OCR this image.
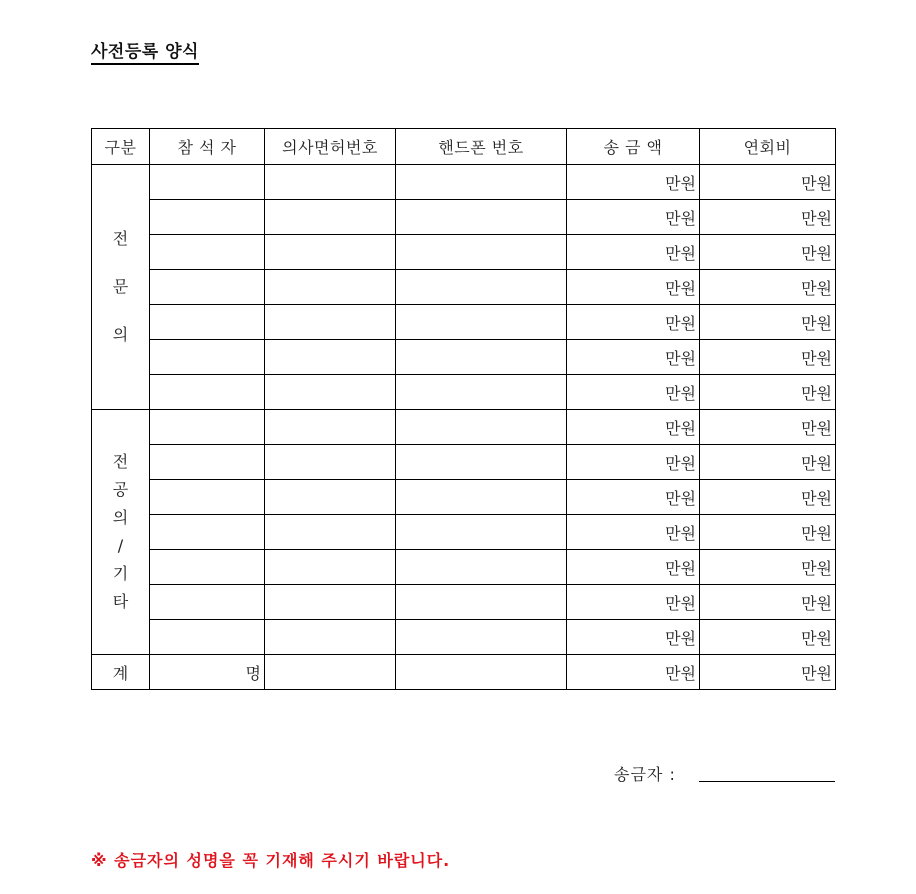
사전등록 양식
구분	참 석 자	의사면허번호	핸드폰 번호	송 금 액	연회비

전
문
의				만원	만원
				만원	만원
				만원	만원
				만원	만원
				만원	만원
				만원	만원
				만원	만원

전
공
의
/
기
타
				만원	만원
				만원	만원
				만원	만원
				만원	만원
				만원	만원
				만원	만원
				만원	만원
계	명			만원	만원
송금자 :
※ 송금자의 성명을 꼭 기재해 주시기 바랍니다.
